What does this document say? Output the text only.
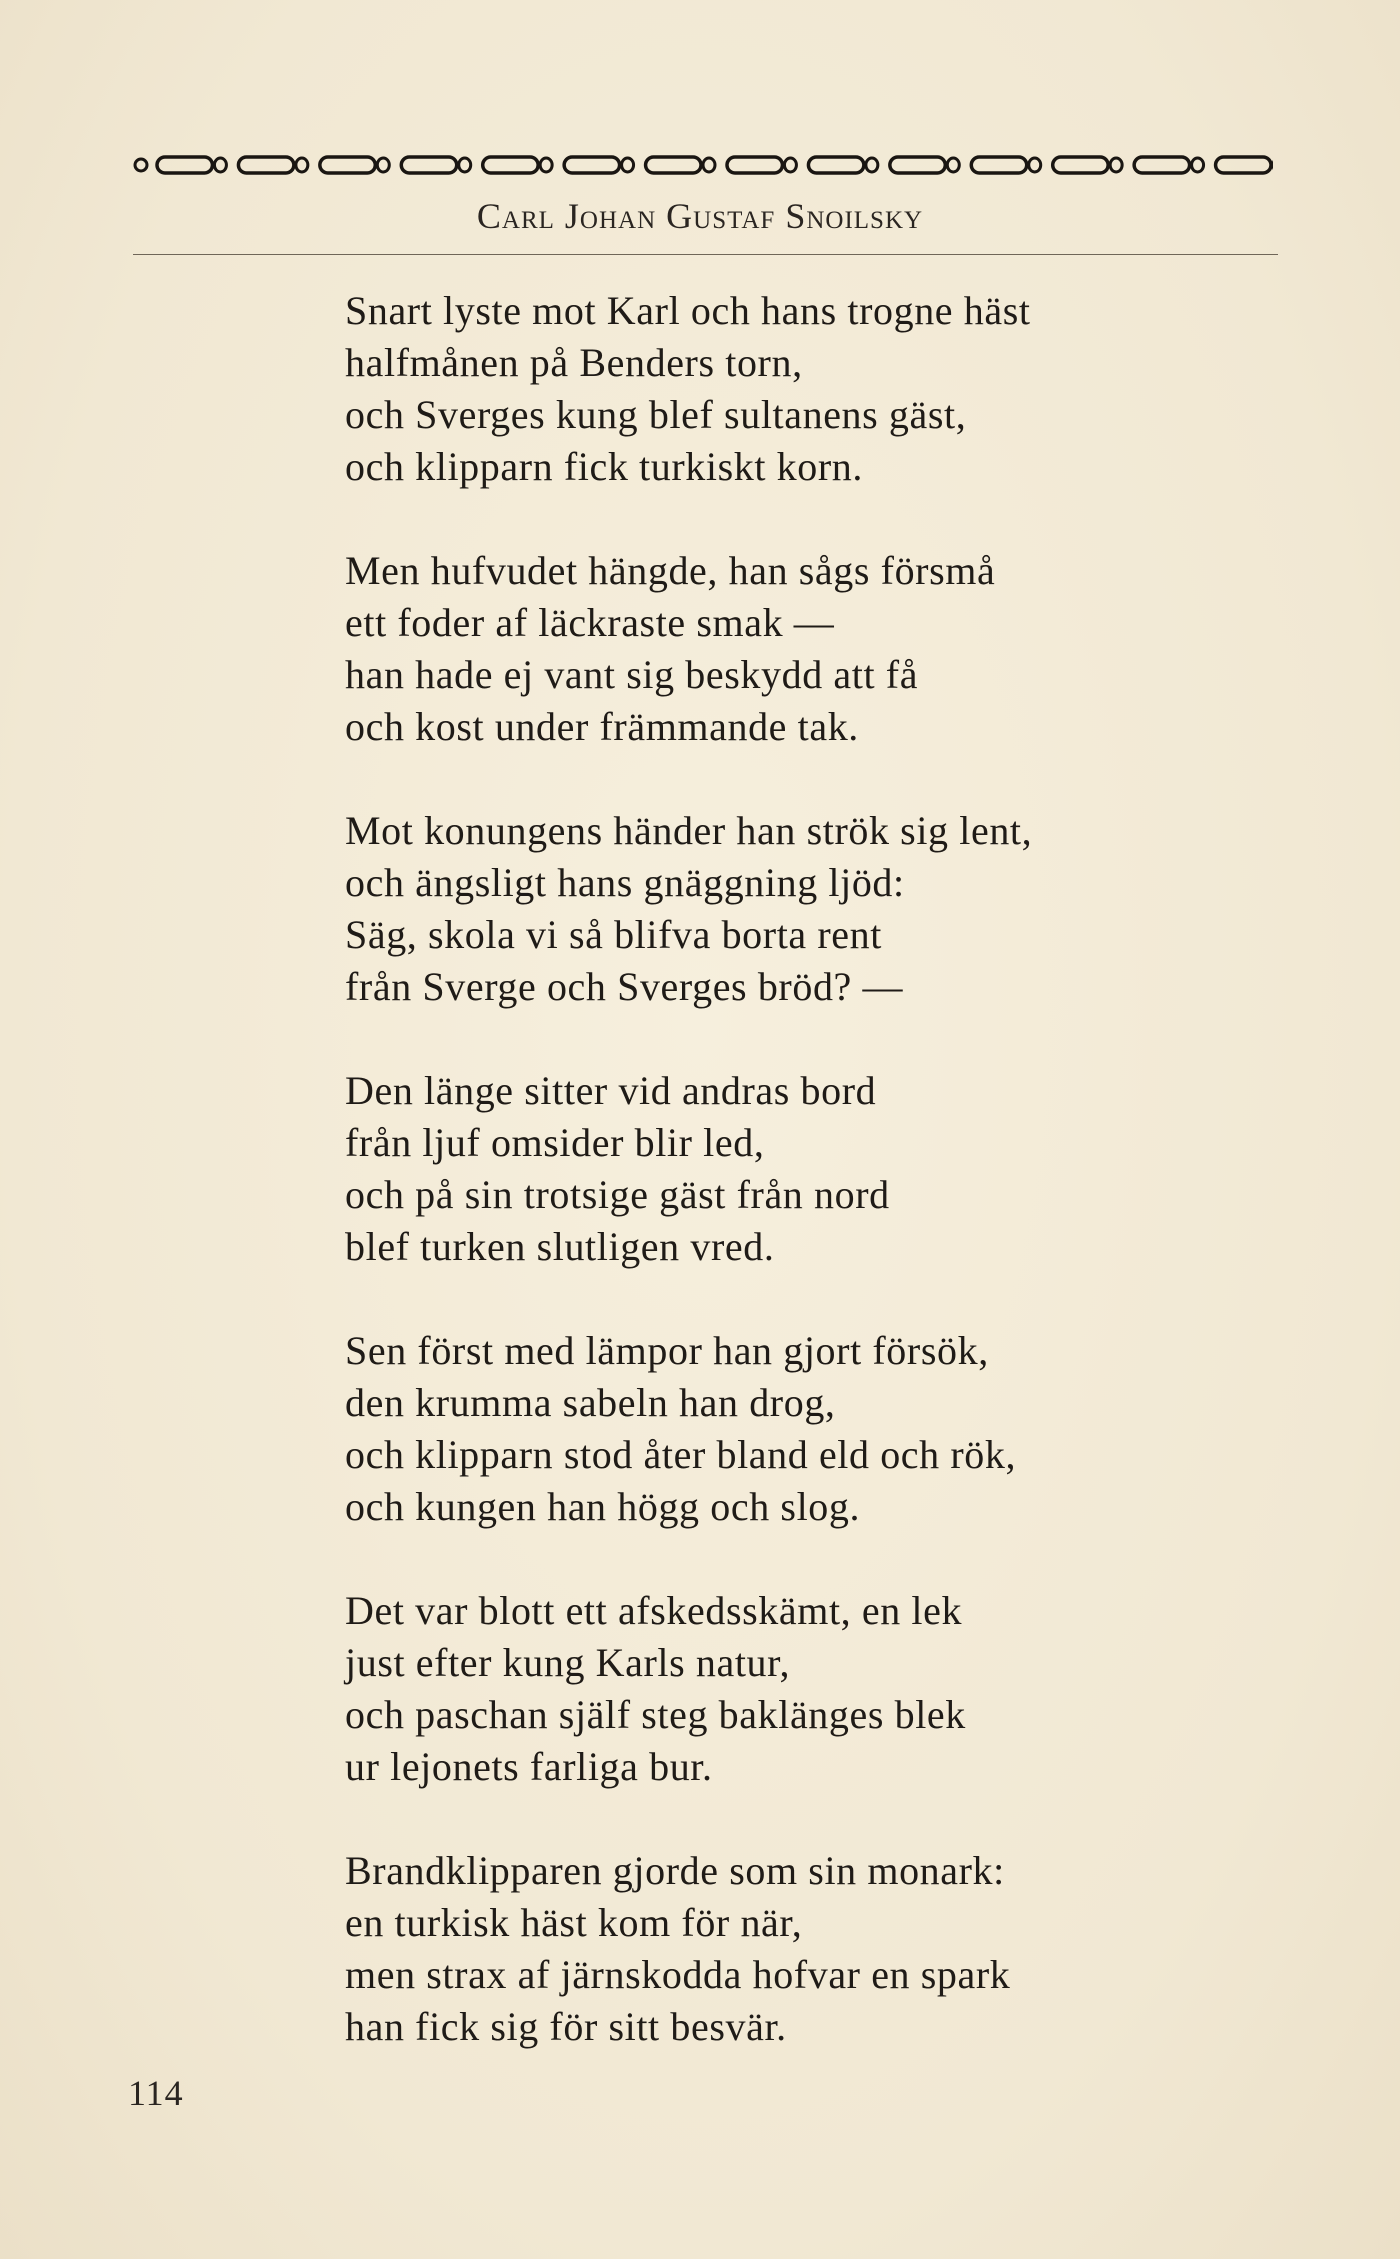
Carl Johan Gustaf Snoilsky
Snart lyste mot Karl och hans trogne häst
halfmånen på Benders torn,
och Sverges kung blef sultanens gäst,
och klipparn fick turkiskt korn.
Men hufvudet hängde, han sågs försmå
ett foder af läckraste smak —
han hade ej vant sig beskydd att få
och kost under främmande tak.
Mot konungens händer han strök sig lent,
och ängsligt hans gnäggning ljöd:
Säg, skola vi så blifva borta rent
från Sverge och Sverges bröd? —
Den länge sitter vid andras bord
från ljuf omsider blir led,
och på sin trotsige gäst från nord
blef turken slutligen vred.
Sen först med lämpor han gjort försök,
den krumma sabeln han drog,
och klipparn stod åter bland eld och rök,
och kungen han högg och slog.
Det var blott ett afskedsskämt, en lek
just efter kung Karls natur,
och paschan själf steg baklänges blek
ur lejonets farliga bur.
Brandklipparen gjorde som sin monark:
en turkisk häst kom för när,
men strax af järnskodda hofvar en spark
han fick sig för sitt besvär.
114
